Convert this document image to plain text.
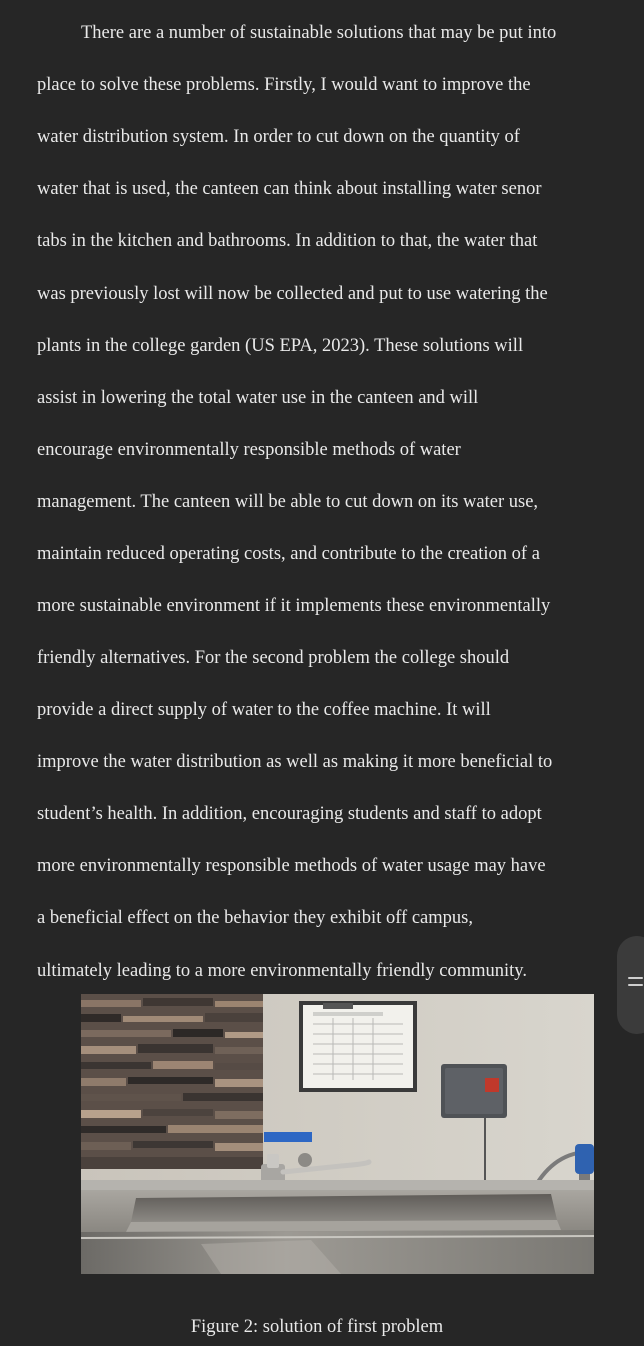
There are a number of sustainable solutions that may be put into
place to solve these problems. Firstly, I would want to improve the
water distribution system. In order to cut down on the quantity of
water that is used, the canteen can think about installing water senor
tabs in the kitchen and bathrooms. In addition to that, the water that
was previously lost will now be collected and put to use watering the
plants in the college garden (US EPA, 2023). These solutions will
assist in lowering the total water use in the canteen and will
encourage environmentally responsible methods of water
management. The canteen will be able to cut down on its water use,
maintain reduced operating costs, and contribute to the creation of a
more sustainable environment if it implements these environmentally
friendly alternatives. For the second problem the college should
provide a direct supply of water to the coffee machine. It will
improve the water distribution as well as making it more beneficial to
student’s health. In addition, encouraging students and staff to adopt
more environmentally responsible methods of water usage may have
a beneficial effect on the behavior they exhibit off campus,
ultimately leading to a more environmentally friendly community.
Figure 2: solution of first problem
